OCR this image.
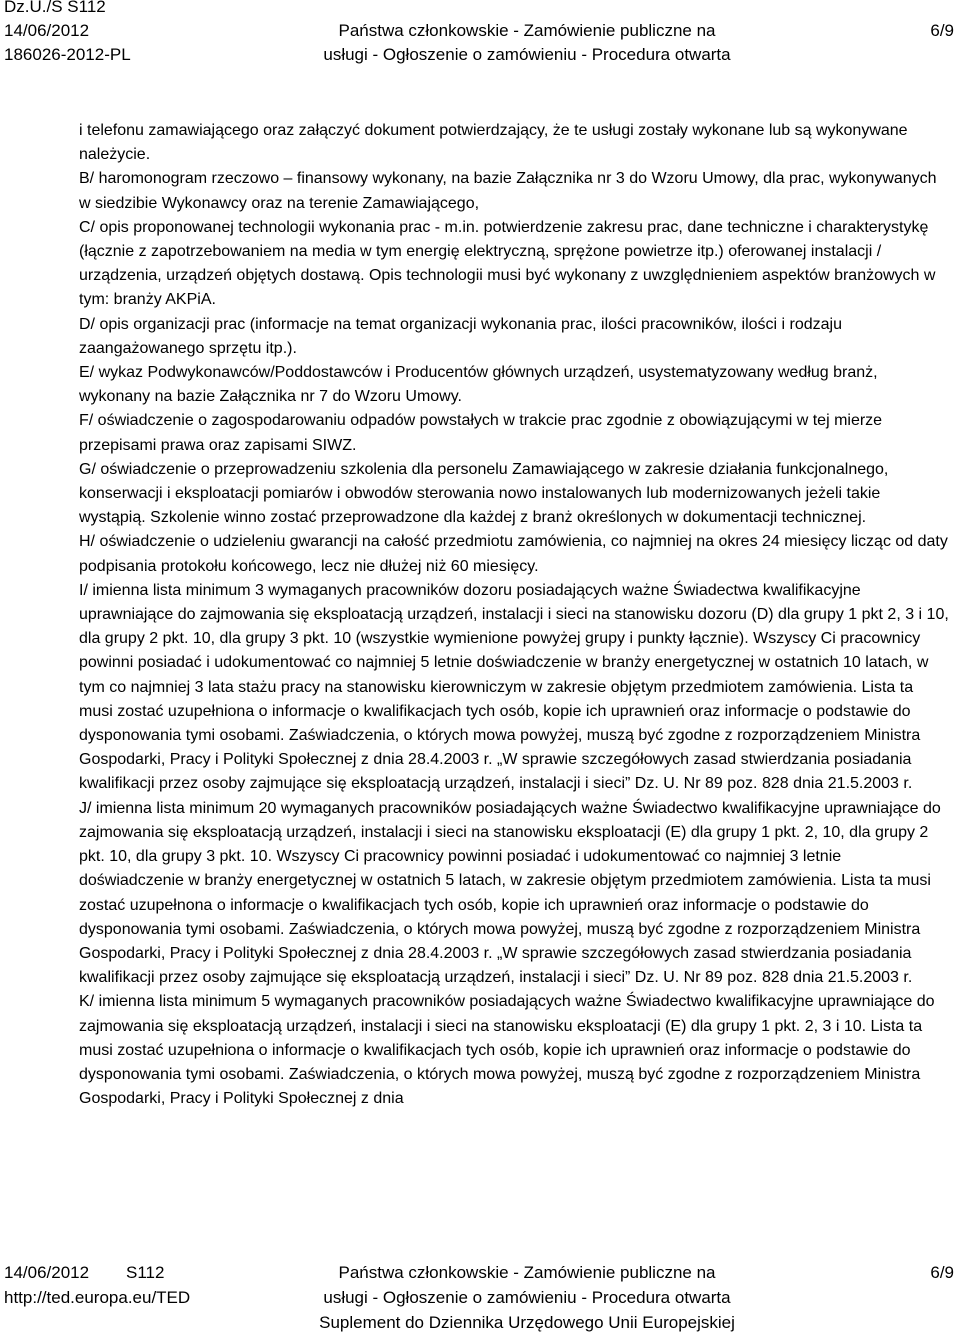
Dz.U./S S112
14/06/2012
186026-2012-PL
Państwa członkowskie - Zamówienie publiczne na
usługi - Ogłoszenie o zamówieniu - Procedura otwarta
6/9

i telefonu zamawiającego oraz załączyć dokument potwierdzający, że te usługi zostały wykonane lub są wykonywane należycie.

B/ haromonogram rzeczowo – finansowy wykonany, na bazie Załącznika nr 3 do Wzoru Umowy, dla prac, wykonywanych w siedzibie Wykonawcy oraz na terenie Zamawiającego,

C/ opis proponowanej technologii wykonania prac - m.in. potwierdzenie zakresu prac, dane techniczne i charakterystykę (łącznie z zapotrzebowaniem na media w tym energię elektryczną, sprężone powietrze itp.) oferowanej instalacji / urządzenia, urządzeń objętych dostawą. Opis technologii musi być wykonany z uwzględnieniem aspektów branżowych w tym: branży AKPiA.

D/ opis organizacji prac (informacje na temat organizacji wykonania prac, ilości pracowników, ilości i rodzaju zaangażowanego sprzętu itp.).

E/ wykaz Podwykonawców/Poddostawców i Producentów głównych urządzeń, usystematyzowany według branż, wykonany na bazie Załącznika nr 7 do Wzoru Umowy.

F/ oświadczenie o zagospodarowaniu odpadów powstałych w trakcie prac zgodnie z obowiązującymi w tej mierze przepisami prawa oraz zapisami SIWZ.

G/ oświadczenie o przeprowadzeniu szkolenia dla personelu Zamawiającego w zakresie działania funkcjonalnego, konserwacji i eksploatacji pomiarów i obwodów sterowania nowo instalowanych lub modernizowanych jeżeli takie wystąpią. Szkolenie winno zostać przeprowadzone dla każdej z branż określonych w dokumentacji technicznej.

H/ oświadczenie o udzieleniu gwarancji na całość przedmiotu zamówienia, co najmniej na okres 24 miesięcy licząc od daty podpisania protokołu końcowego, lecz nie dłużej niż 60 miesięcy.

I/ imienna lista minimum 3 wymaganych pracowników dozoru posiadających ważne Świadectwa kwalifikacyjne uprawniające do zajmowania się eksploatacją urządzeń, instalacji i sieci na stanowisku dozoru (D) dla grupy 1 pkt 2, 3 i 10, dla grupy 2 pkt. 10, dla grupy 3 pkt. 10 (wszystkie wymienione powyżej grupy i punkty łącznie). Wszyscy Ci pracownicy powinni posiadać i udokumentować co najmniej 5 letnie doświadczenie w branży energetycznej w ostatnich 10 latach, w tym co najmniej 3 lata stażu pracy na stanowisku kierowniczym w zakresie objętym przedmiotem zamówienia. Lista ta musi zostać uzupełniona o informacje o kwalifikacjach tych osób, kopie ich uprawnień oraz informacje o podstawie do dysponowania tymi osobami. Zaświadczenia, o których mowa powyżej, muszą być zgodne z rozporządzeniem Ministra Gospodarki, Pracy i Polityki Społecznej z dnia 28.4.2003 r. „W sprawie szczegółowych zasad stwierdzania posiadania kwalifikacji przez osoby zajmujące się eksploatacją urządzeń, instalacji i sieci” Dz. U. Nr 89 poz. 828 dnia 21.5.2003 r.

J/ imienna lista minimum 20 wymaganych pracowników posiadających ważne Świadectwo kwalifikacyjne uprawniające do zajmowania się eksploatacją urządzeń, instalacji i sieci na stanowisku eksploatacji (E) dla grupy 1 pkt. 2, 10, dla grupy 2 pkt. 10, dla grupy 3 pkt. 10. Wszyscy Ci pracownicy powinni posiadać i udokumentować co najmniej 3 letnie doświadczenie w branży energetycznej w ostatnich 5 latach, w zakresie objętym przedmiotem zamówienia. Lista ta musi zostać uzupełnona o informacje o kwalifikacjach tych osób, kopie ich uprawnień oraz informacje o podstawie do dysponowania tymi osobami. Zaświadczenia, o których mowa powyżej, muszą być zgodne z rozporządzeniem Ministra Gospodarki, Pracy i Polityki Społecznej z dnia 28.4.2003 r. „W sprawie szczegółowych zasad stwierdzania posiadania kwalifikacji przez osoby zajmujące się eksploatacją urządzeń, instalacji i sieci” Dz. U. Nr 89 poz. 828 dnia 21.5.2003 r.

K/ imienna lista minimum 5 wymaganych pracowników posiadających ważne Świadectwo kwalifikacyjne uprawniające do zajmowania się eksploatacją urządzeń, instalacji i sieci na stanowisku eksploatacji (E) dla grupy 1 pkt. 2, 3 i 10. Lista ta musi zostać uzupełniona o informacje o kwalifikacjach tych osób, kopie ich uprawnień oraz informacje o podstawie do dysponowania tymi osobami. Zaświadczenia, o których mowa powyżej, muszą być zgodne z rozporządzeniem Ministra Gospodarki, Pracy i Polityki Społecznej z dnia

14/06/2012 S112
http://ted.europa.eu/TED
Państwa członkowskie - Zamówienie publiczne na
usługi - Ogłoszenie o zamówieniu - Procedura otwarta
Suplement do Dziennika Urzędowego Unii Europejskiej
6/9
